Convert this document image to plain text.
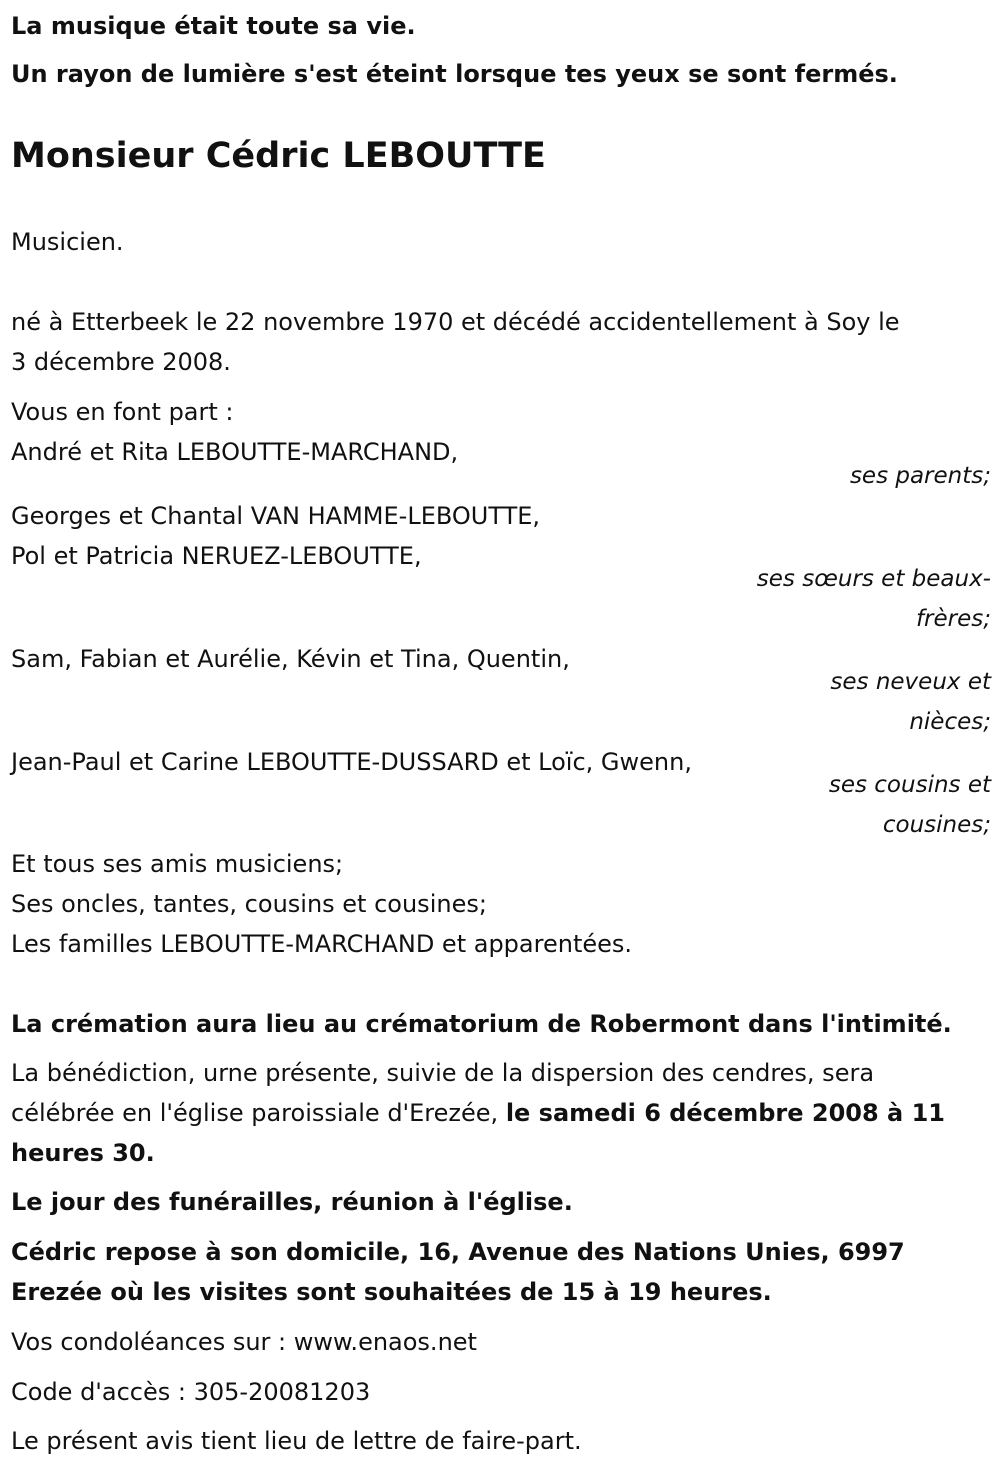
La musique était toute sa vie.

Un rayon de lumière s'est éteint lorsque tes yeux se sont fermés.

Monsieur Cédric LEBOUTTE

Musicien.

né à Etterbeek le 22 novembre 1970 et décédé accidentellement à Soy le

3 décembre 2008.

Vous en font part :

André et Rita LEBOUTTE-MARCHAND,

ses parents;

Georges et Chantal VAN HAMME-LEBOUTTE,

Pol et Patricia NERUEZ-LEBOUTTE,

ses sœurs et beaux-

frères;

Sam, Fabian et Aurélie, Kévin et Tina, Quentin,

ses neveux et

nièces;

Jean-Paul et Carine LEBOUTTE-DUSSARD et Loïc, Gwenn,

ses cousins et

cousines;

Et tous ses amis musiciens;

Ses oncles, tantes, cousins et cousines;

Les familles LEBOUTTE-MARCHAND et apparentées.

La crémation aura lieu au crématorium de Robermont dans l'intimité.

La bénédiction, urne présente, suivie de la dispersion des cendres, sera

célébrée en l'église paroissiale d'Erezée, le samedi 6 décembre 2008 à 11

heures 30.

Le jour des funérailles, réunion à l'église.

Cédric repose à son domicile, 16, Avenue des Nations Unies, 6997

Erezée où les visites sont souhaitées de 15 à 19 heures.

Vos condoléances sur : www.enaos.net

Code d'accès : 305-20081203

Le présent avis tient lieu de lettre de faire-part.
